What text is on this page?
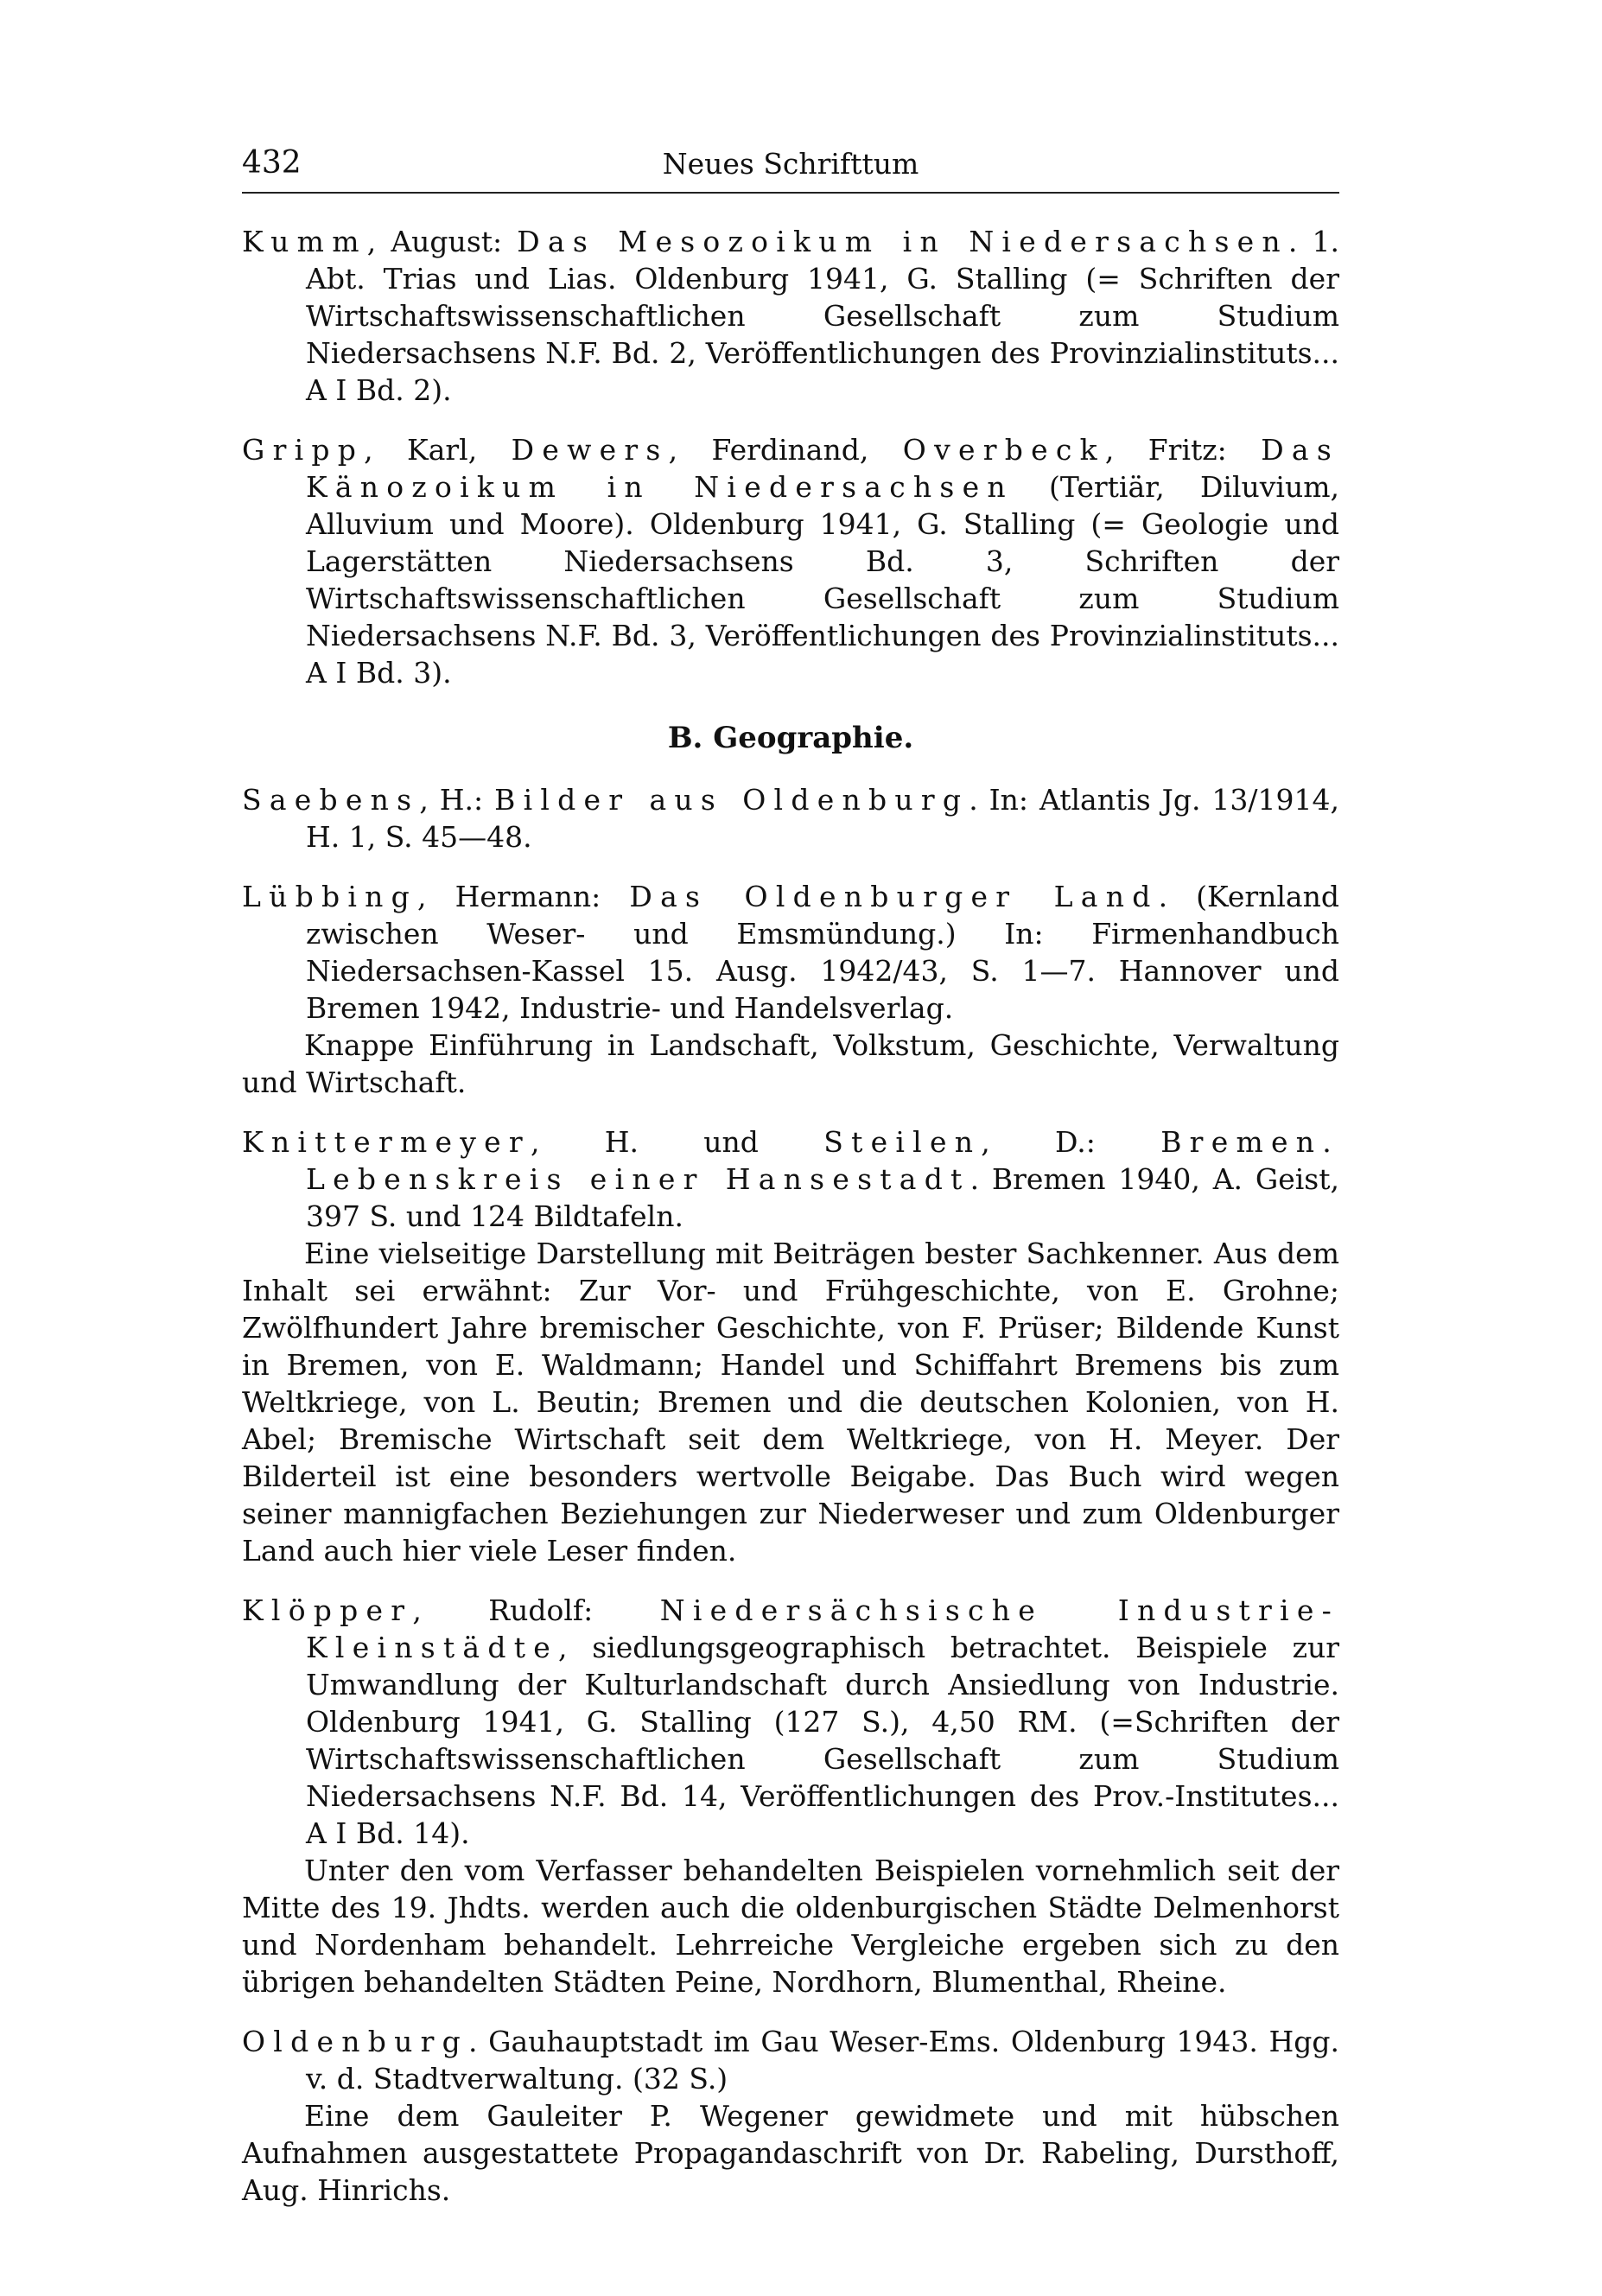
432	Neues Schrifttum
Kumm, August: Das Mesozoikum in Niedersachsen. 1. Abt. Trias und Lias. Oldenburg 1941, G. Stalling (= Schriften der Wirtschaftswissenschaftlichen Gesellschaft zum Studium Niedersachsens N.F. Bd. 2, Veröffentlichungen des Provinzialinstituts... A I Bd. 2).
Gripp, Karl, Dewers, Ferdinand, Overbeck, Fritz: Das Känozoikum in Niedersachsen (Tertiär, Diluvium, Alluvium und Moore). Oldenburg 1941, G. Stalling (= Geologie und Lagerstätten Niedersachsens Bd. 3, Schriften der Wirtschaftswissenschaftlichen Gesellschaft zum Studium Niedersachsens N.F. Bd. 3, Veröffentlichungen des Provinzialinstituts... A I Bd. 3).
B. Geographie.
Saebens, H.: Bilder aus Oldenburg. In: Atlantis Jg. 13/1914, H. 1, S. 45—48.
Lübbing, Hermann: Das Oldenburger Land. (Kernland zwischen Weser- und Emsmündung.) In: Firmenhandbuch Niedersachsen-Kassel 15. Ausg. 1942/43, S. 1—7. Hannover und Bremen 1942, Industrie- und Handelsverlag.
Knappe Einführung in Landschaft, Volkstum, Geschichte, Verwaltung und Wirtschaft.
Knittermeyer, H. und Steilen, D.: Bremen. Lebenskreis einer Hansestadt. Bremen 1940, A. Geist, 397 S. und 124 Bildtafeln.
Eine vielseitige Darstellung mit Beiträgen bester Sachkenner. Aus dem Inhalt sei erwähnt: Zur Vor- und Frühgeschichte, von E. Grohne; Zwölfhundert Jahre bremischer Geschichte, von F. Prüser; Bildende Kunst in Bremen, von E. Waldmann; Handel und Schiffahrt Bremens bis zum Weltkriege, von L. Beutin; Bremen und die deutschen Kolonien, von H. Abel; Bremische Wirtschaft seit dem Weltkriege, von H. Meyer. Der Bilderteil ist eine besonders wertvolle Beigabe. Das Buch wird wegen seiner mannigfachen Beziehungen zur Niederweser und zum Oldenburger Land auch hier viele Leser finden.
Klöpper, Rudolf: Niedersächsische Industrie-Kleinstädte, siedlungsgeographisch betrachtet. Beispiele zur Umwandlung der Kulturlandschaft durch Ansiedlung von Industrie. Oldenburg 1941, G. Stalling (127 S.), 4,50 RM. (=Schriften der Wirtschaftswissenschaftlichen Gesellschaft zum Studium Niedersachsens N.F. Bd. 14, Veröffentlichungen des Prov.-Institutes... A I Bd. 14).
Unter den vom Verfasser behandelten Beispielen vornehmlich seit der Mitte des 19. Jhdts. werden auch die oldenburgischen Städte Delmenhorst und Nordenham behandelt. Lehrreiche Vergleiche ergeben sich zu den übrigen behandelten Städten Peine, Nordhorn, Blumenthal, Rheine.
Oldenburg. Gauhauptstadt im Gau Weser-Ems. Oldenburg 1943. Hgg. v. d. Stadtverwaltung. (32 S.)
Eine dem Gauleiter P. Wegener gewidmete und mit hübschen Aufnahmen ausgestattete Propagandaschrift von Dr. Rabeling, Dursthoff, Aug. Hinrichs.
